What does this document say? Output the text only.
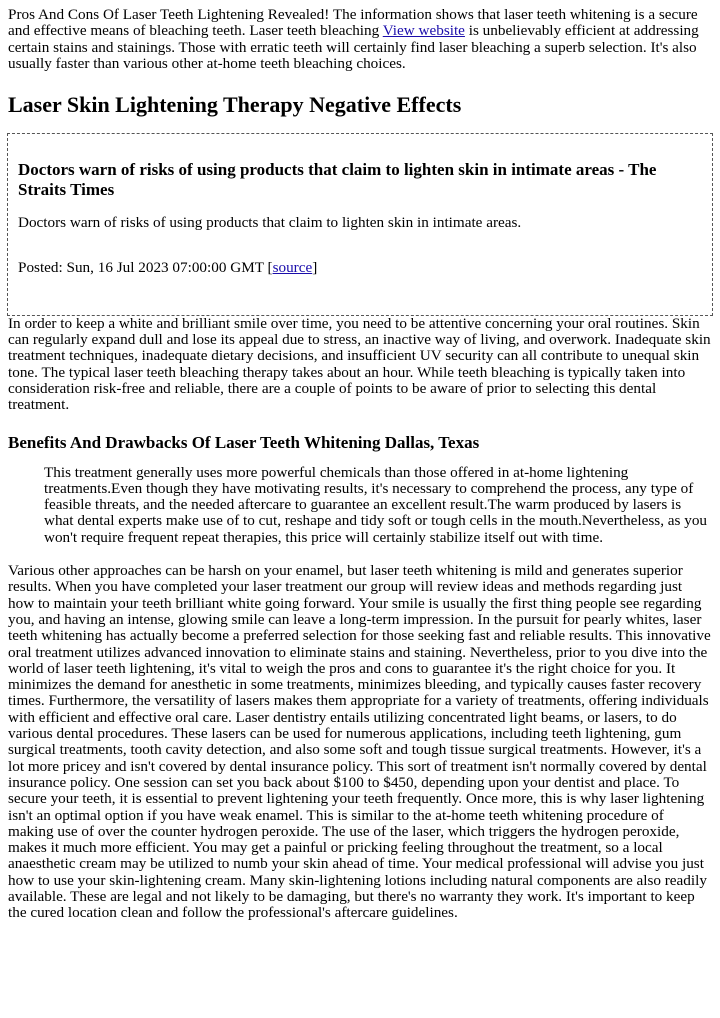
Pros And Cons Of Laser Teeth Lightening Revealed! The information shows that laser teeth whitening is a secure and effective means of bleaching teeth. Laser teeth bleaching View website is unbelievably efficient at addressing certain stains and stainings. Those with erratic teeth will certainly find laser bleaching a superb selection. It's also usually faster than various other at-home teeth bleaching choices.

Laser Skin Lightening Therapy Negative Effects
Doctors warn of risks of using products that claim to lighten skin in intimate areas - The Straits Times

Doctors warn of risks of using products that claim to lighten skin in intimate areas.

Posted: Sun, 16 Jul 2023 07:00:00 GMT [source]

In order to keep a white and brilliant smile over time, you need to be attentive concerning your oral routines. Skin can regularly expand dull and lose its appeal due to stress, an inactive way of living, and overwork. Inadequate skin treatment techniques, inadequate dietary decisions, and insufficient UV security can all contribute to unequal skin tone. The typical laser teeth bleaching therapy takes about an hour. While teeth bleaching is typically taken into consideration risk-free and reliable, there are a couple of points to be aware of prior to selecting this dental treatment.

Benefits And Drawbacks Of Laser Teeth Whitening Dallas, Texas
This treatment generally uses more powerful chemicals than those offered in at-home lightening treatments.Even though they have motivating results, it's necessary to comprehend the process, any type of feasible threats, and the needed aftercare to guarantee an excellent result.The warm produced by lasers is what dental experts make use of to cut, reshape and tidy soft or tough cells in the mouth.Nevertheless, as you won't require frequent repeat therapies, this price will certainly stabilize itself out with time.

Various other approaches can be harsh on your enamel, but laser teeth whitening is mild and generates superior results. When you have completed your laser treatment our group will review ideas and methods regarding just how to maintain your teeth brilliant white going forward. Your smile is usually the first thing people see regarding you, and having an intense, glowing smile can leave a long-term impression. In the pursuit for pearly whites, laser teeth whitening has actually become a preferred selection for those seeking fast and reliable results. This innovative oral treatment utilizes advanced innovation to eliminate stains and staining. Nevertheless, prior to you dive into the world of laser teeth lightening, it's vital to weigh the pros and cons to guarantee it's the right choice for you. It minimizes the demand for anesthetic in some treatments, minimizes bleeding, and typically causes faster recovery times. Furthermore, the versatility of lasers makes them appropriate for a variety of treatments, offering individuals with efficient and effective oral care. Laser dentistry entails utilizing concentrated light beams, or lasers, to do various dental procedures. These lasers can be used for numerous applications, including teeth lightening, gum surgical treatments, tooth cavity detection, and also some soft and tough tissue surgical treatments. However, it's a lot more pricey and isn't covered by dental insurance policy. This sort of treatment isn't normally covered by dental insurance policy. One session can set you back about $100 to $450, depending upon your dentist and place. To secure your teeth, it is essential to prevent lightening your teeth frequently. Once more, this is why laser lightening isn't an optimal option if you have weak enamel. This is similar to the at-home teeth whitening procedure of making use of over the counter hydrogen peroxide. The use of the laser, which triggers the hydrogen peroxide, makes it much more efficient. You may get a painful or pricking feeling throughout the treatment, so a local anaesthetic cream may be utilized to numb your skin ahead of time. Your medical professional will advise you just how to use your skin-lightening cream. Many skin-lightening lotions including natural components are also readily available. These are legal and not likely to be damaging, but there's no warranty they work. It's important to keep the cured location clean and follow the professional's aftercare guidelines.
